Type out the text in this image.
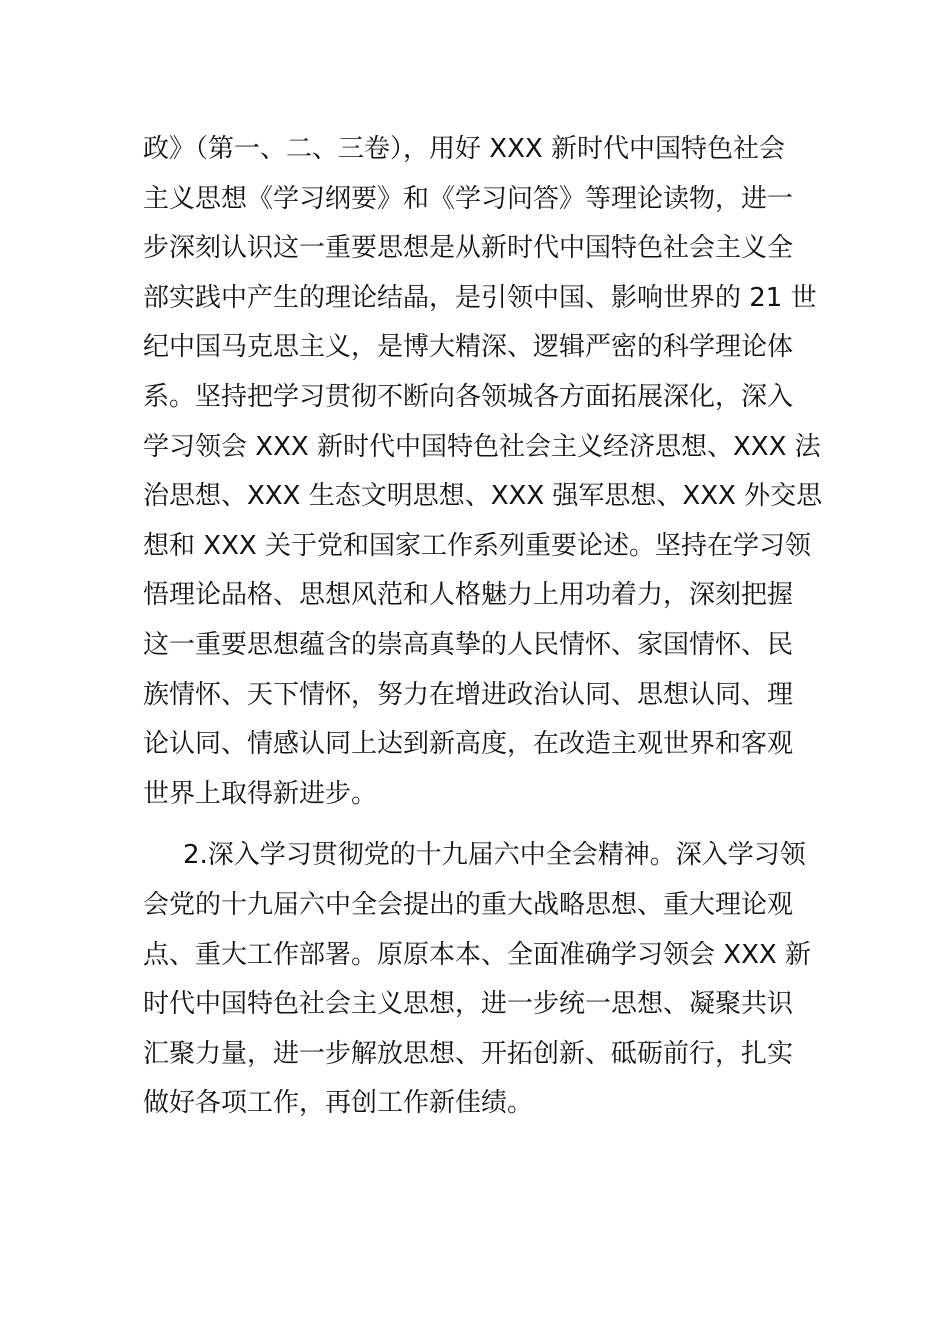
政》（第一、二、三卷），用好 XXX 新时代中国特色社会
主义思想《学习纲要》和《学习问答》等理论读物，进一
步深刻认识这一重要思想是从新时代中国特色社会主义全
部实践中产生的理论结晶，是引领中国、影响世界的 21 世
纪中国马克思主义，是博大精深、逻辑严密的科学理论体
系。坚持把学习贯彻不断向各领城各方面拓展深化，深入
学习领会 XXX 新时代中国特色社会主义经济思想、XXX 法
治思想、XXX 生态文明思想、XXX 强军思想、XXX 外交思
想和 XXX 关于党和国家工作系列重要论述。坚持在学习领
悟理论品格、思想风范和人格魅力上用功着力，深刻把握
这一重要思想蕴含的崇高真挚的人民情怀、家国情怀、民
族情怀、天下情怀，努力在增进政治认同、思想认同、理
论认同、情感认同上达到新高度，在改造主观世界和客观
世界上取得新进步。
2.深入学习贯彻党的十九届六中全会精神。深入学习领
会党的十九届六中全会提出的重大战略思想、重大理论观
点、重大工作部署。原原本本、全面准确学习领会 XXX 新
时代中国特色社会主义思想，进一步统一思想、凝聚共识
汇聚力量，进一步解放思想、开拓创新、砥砺前行，扎实
做好各项工作，再创工作新佳绩。
